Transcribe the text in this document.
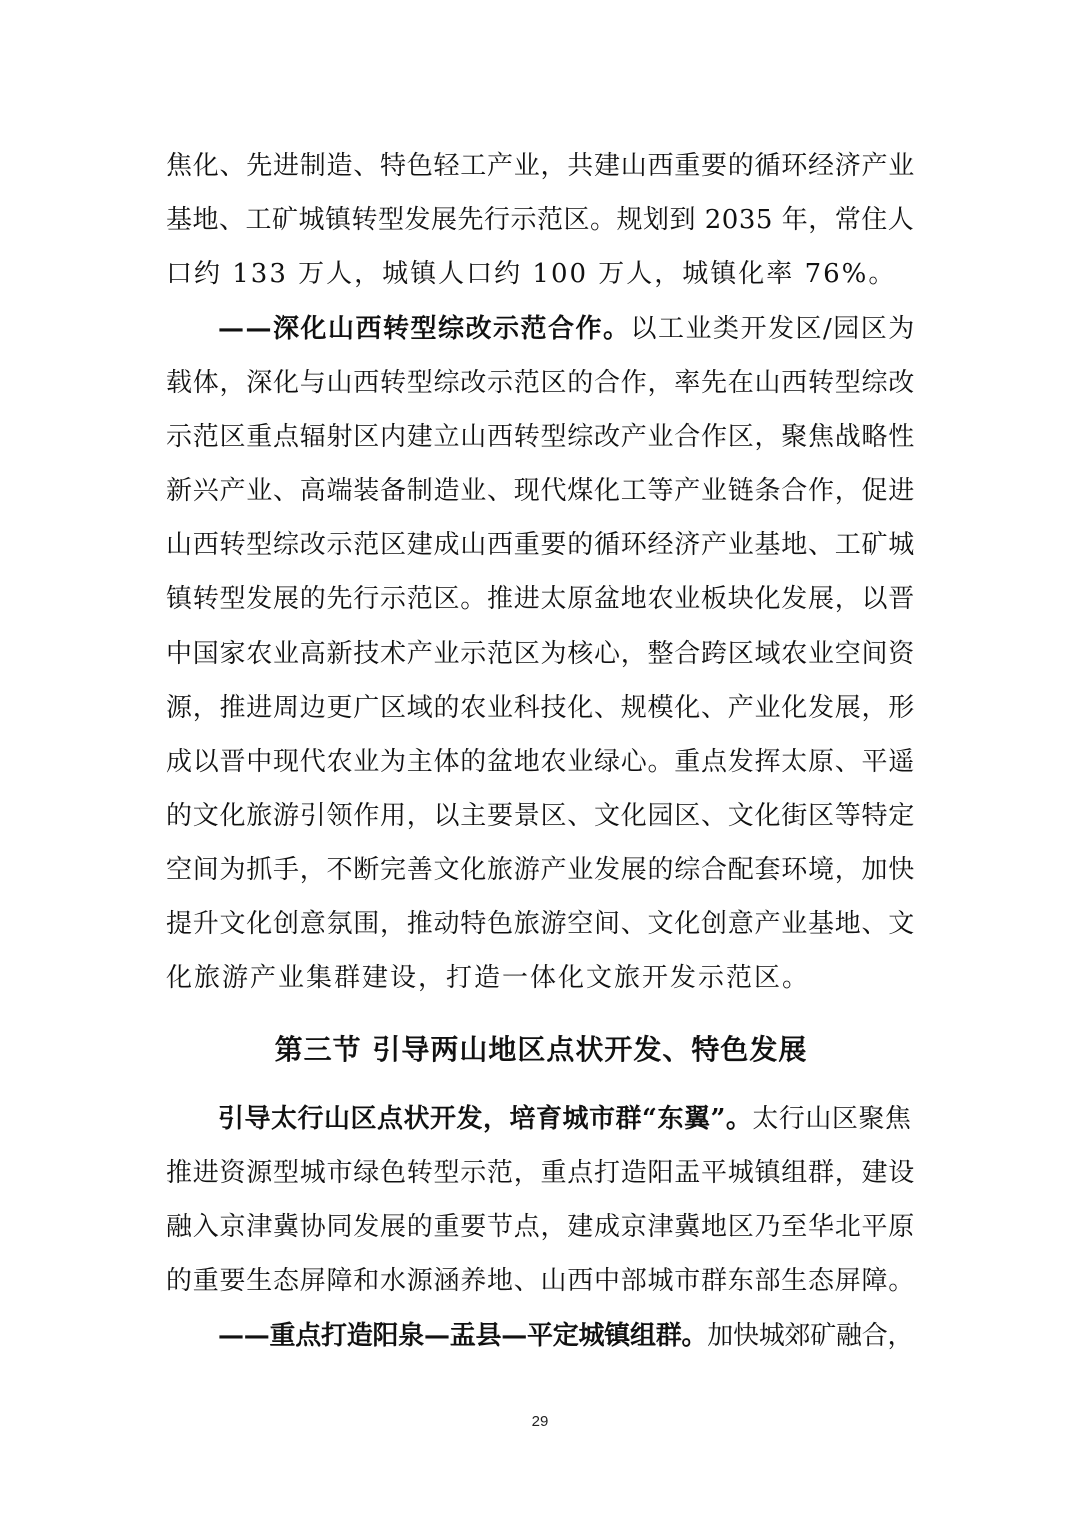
焦化、先进制造、特色轻工产业，共建山西重要的循环经济产业
基地、工矿城镇转型发展先行示范区。规划到 2035 年，常住人
口约 133 万人，城镇人口约 100 万人，城镇化率 76%。
——深化山西转型综改示范合作。以工业类开发区/园区为
载体，深化与山西转型综改示范区的合作，率先在山西转型综改
示范区重点辐射区内建立山西转型综改产业合作区，聚焦战略性
新兴产业、高端装备制造业、现代煤化工等产业链条合作，促进
山西转型综改示范区建成山西重要的循环经济产业基地、工矿城
镇转型发展的先行示范区。推进太原盆地农业板块化发展，以晋
中国家农业高新技术产业示范区为核心，整合跨区域农业空间资
源，推进周边更广区域的农业科技化、规模化、产业化发展，形
成以晋中现代农业为主体的盆地农业绿心。重点发挥太原、平遥
的文化旅游引领作用，以主要景区、文化园区、文化街区等特定
空间为抓手，不断完善文化旅游产业发展的综合配套环境，加快
提升文化创意氛围，推动特色旅游空间、文化创意产业基地、文
化旅游产业集群建设，打造一体化文旅开发示范区。
第三节 引导两山地区点状开发、特色发展
引导太行山区点状开发，培育城市群“东翼”。太行山区聚焦
推进资源型城市绿色转型示范，重点打造阳盂平城镇组群，建设
融入京津冀协同发展的重要节点，建成京津冀地区乃至华北平原
的重要生态屏障和水源涵养地、山西中部城市群东部生态屏障。
——重点打造阳泉—盂县—平定城镇组群。加快城郊矿融合，
29
